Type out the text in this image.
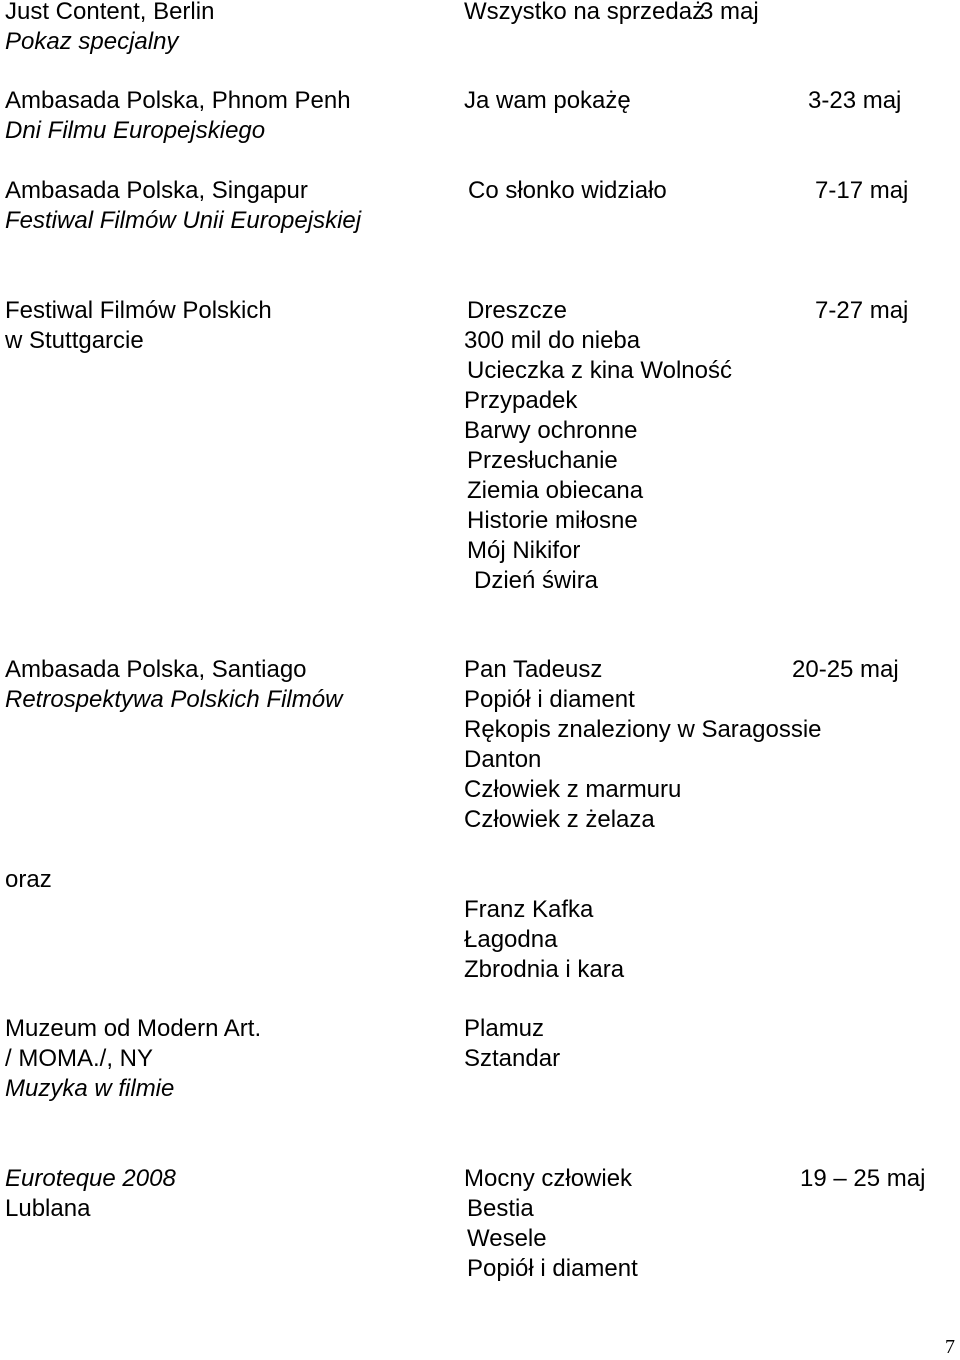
Just Content, Berlin
Pokaz specjalny
Wszystko na sprzedaż
3 maj
Ambasada Polska, Phnom Penh
Dni Filmu Europejskiego
Ja wam pokażę	3-23 maj
Ambasada Polska, Singapur
Festiwal Filmów Unii Europejskiej
Co słonko widziało	7-17 maj
Festiwal Filmów Polskich
w Stuttgarcie
Dreszcze
300 mil do nieba
Ucieczka z kina Wolność
Przypadek
Barwy ochronne
Przesłuchanie
Ziemia obiecana
Historie miłosne
Mój Nikifor
Dzień świra
7-27 maj
Ambasada Polska, Santiago
Retrospektywa Polskich Filmów
Pan Tadeusz
Popiół i diament
Rękopis znaleziony w Saragossie
Danton
Człowiek z marmuru
Człowiek z żelaza
20-25 maj
oraz
Franz Kafka
Łagodna
Zbrodnia i kara
Muzeum od Modern Art.
/ MOMA./, NY
Muzyka w filmie
Plamuz
Sztandar
Euroteque 2008
Lublana
Mocny człowiek
Bestia
Wesele
Popiół i diament
19 – 25 maj
7
